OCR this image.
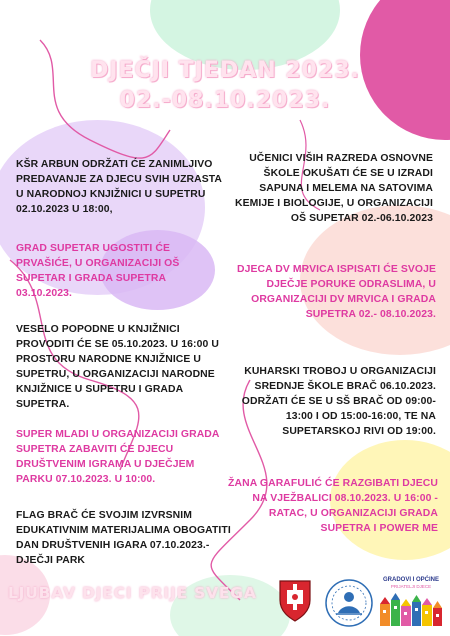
DJEČJI TJEDAN 2023.
02.-08.10.2023.

KŠR ARBUN ODRŽATI ĆE ZANIMLJIVO PREDAVANJE ZA DJECU SVIH UZRASTA U NARODNOJ KNJIŽNICI U SUPETRU 02.10.2023 U 18:00,

GRAD SUPETAR UGOSTITI ĆE PRVAŠIĆE, U ORGANIZACIJI OŠ SUPETAR I GRADA SUPETRA 03.10.2023.

VESELO POPODNE U KNJIŽNICI PROVODITI ĆE SE 05.10.2023. U 16:00 U PROSTORU NARODNE KNJIŽNICE U SUPETRU, U ORGANIZACIJI NARODNE KNJIŽNICE U SUPETRU I GRADA SUPETRA.

SUPER MLADI U ORGANIZACIJI GRADA SUPETRA ZABAVITI ĆE DJECU DRUŠTVENIM IGRAMA U DJEČJEM PARKU 07.10.2023. U 10:00.

FLAG BRAČ ĆE SVOJIM IZVRSNIM EDUKATIVNIM MATERIJALIMA OBOGATITI DAN DRUŠTVENIH IGARA 07.10.2023.- DJEČJI PARK

UČENICI VIŠIH RAZREDA OSNOVNE ŠKOLE OKUŠATI ĆE SE U IZRADI SAPUNA I MELEMA NA SATOVIMA KEMIJE I BIOLOGIJE, U ORGANIZACIJI OŠ SUPETAR 02.-06.10.2023

DJECA DV MRVICA ISPISATI ĆE SVOJE DJEČJE PORUKE ODRASLIMA, U ORGANIZACIJI DV MRVICA I GRADA SUPETRA 02.- 08.10.2023.

KUHARSKI TROBOJ U ORGANIZACIJI SREDNJE ŠKOLE BRAČ 06.10.2023. ODRŽATI ĆE SE U SŠ BRAČ OD 09:00-13:00 I OD 15:00-16:00, TE NA SUPETARSKOJ RIVI OD 19:00.

ŽANA GARAFULIĆ ĆE RAZGIBATI DJECU NA VJEŽBALICI 08.10.2023. U 16:00 - RATAC, U ORGANIZACIJI GRADA SUPETRA I POWER ME

LJUBAV DJECI PRIJE SVEGA
GRADOVI I OPĆINE
PRIJATELJI DJECE
